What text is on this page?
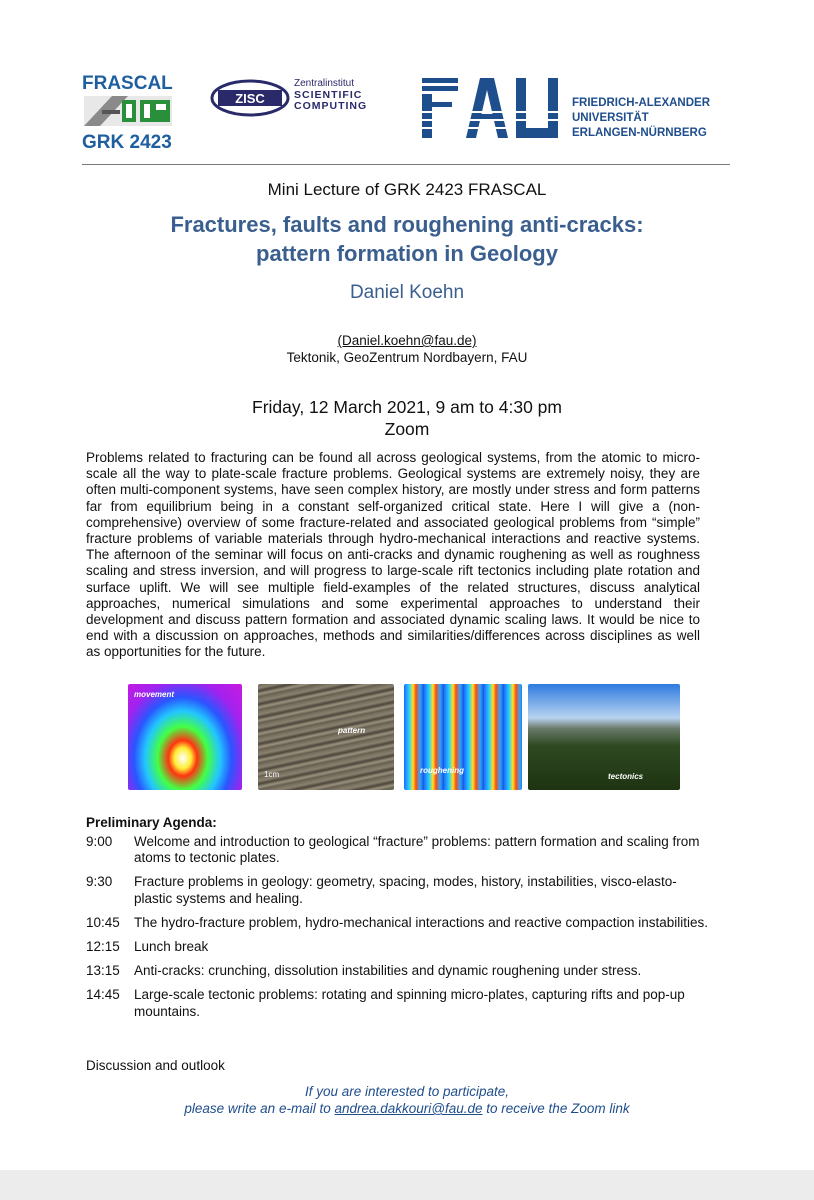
FRASCAL
GRK 2423
ZISC
Zentralinstitut
SCIENTIFIC
COMPUTING	FRIEDRICH-ALEXANDER
UNIVERSITÄT
ERLANGEN-NÜRNBERG
Mini Lecture of GRK 2423 FRASCAL
Fractures, faults and roughening anti-cracks:
pattern formation in Geology
Daniel Koehn
(Daniel.koehn@fau.de)
Tektonik, GeoZentrum Nordbayern, FAU
Friday, 12 March 2021, 9 am to 4:30 pm
Zoom
Problems related to fracturing can be found all across geological systems, from the atomic to micro-scale all the way to plate-scale fracture problems. Geological systems are extremely noisy, they are often multi-component systems, have seen complex history, are mostly under stress and form patterns far from equilibrium being in a constant self-organized critical state. Here I will give a (non-comprehensive) overview of some fracture-related and associated geological problems from “simple” fracture problems of variable materials through hydro-mechanical interactions and reactive systems. The afternoon of the seminar will focus on anti-cracks and dynamic roughening as well as roughness scaling and stress inversion, and will progress to large-scale rift tectonics including plate rotation and surface uplift. We will see multiple field-examples of the related structures, discuss analytical approaches, numerical simulations and some experimental approaches to understand their development and discuss pattern formation and associated dynamic scaling laws. It would be nice to end with a discussion on approaches, methods and similarities/differences across disciplines as well as opportunities for the future.
movement
pattern
1cm	roughening
tectonics
Preliminary Agenda:
9:00	Welcome and introduction to geological “fracture” problems: pattern formation and scaling from atoms to tectonic plates.
9:30	Fracture problems in geology: geometry, spacing, modes, history, instabilities, visco-elasto-plastic systems and healing.
10:45	The hydro-fracture problem, hydro-mechanical interactions and reactive compaction instabilities.
12:15	Lunch break
13:15	Anti-cracks: crunching, dissolution instabilities and dynamic roughening under stress.
14:45	Large-scale tectonic problems: rotating and spinning micro-plates, capturing rifts and pop-up mountains.
Discussion and outlook
If you are interested to participate,
please write an e-mail to andrea.dakkouri@fau.de to receive the Zoom link
